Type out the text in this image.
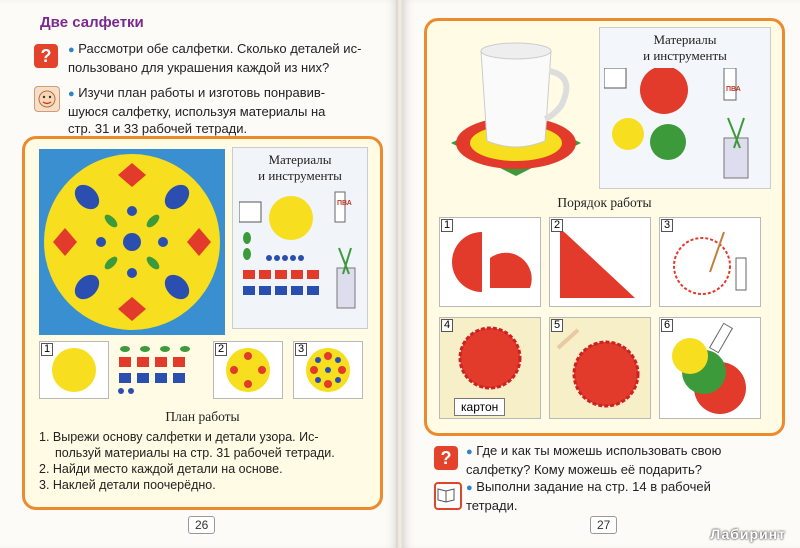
Две салфетки
?	● Рассмотри обе салфетки. Сколько деталей ис-
пользовано для украшения каждой из них?
● Изучи план работы и изготовь понравив-
шуюся салфетку, используя материалы на
стр. 31 и 33 рабочей тетради.
Материалы
и инструменты
ПВА
1	2	3
План работы
1. Вырежи основу салфетки и детали узора. Ис-
пользуй материалы на стр. 31 рабочей тетради.
2. Найди место каждой детали на основе.
3. Наклей детали поочерёдно.
26
Материалы
и инструменты
ПВА
Порядок работы
1	2	3
4
картон
5	6
?	● Где и как ты можешь использовать свою
салфетку? Кому можешь её подарить?
● Выполни задание на стр. 14 в рабочей
тетради.
27
Лабиринт
